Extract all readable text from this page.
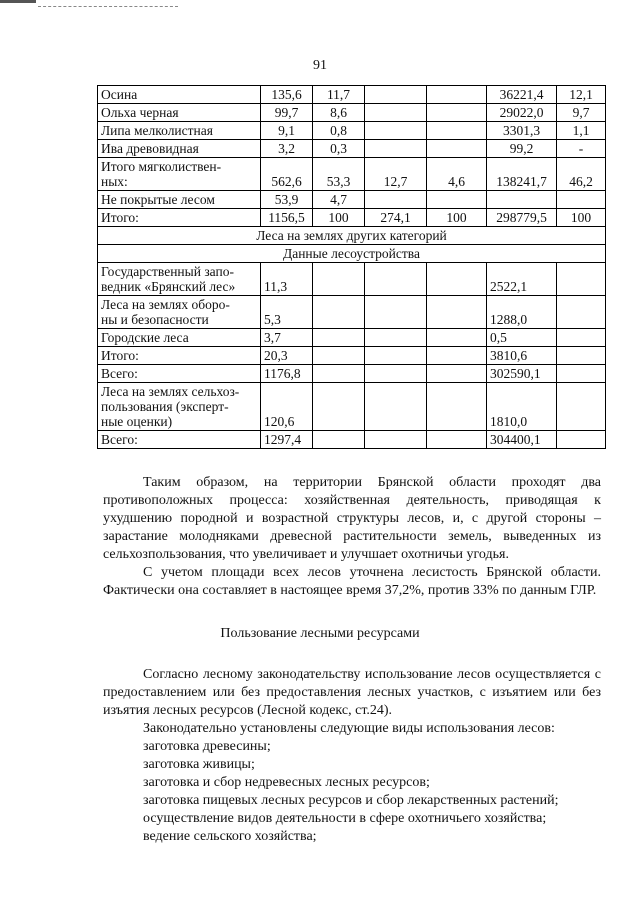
91
Осина	135,6	11,7			36221,4	12,1
Ольха черная	99,7	8,6			29022,0	9,7
Липа мелколистная	9,1	0,8			3301,3	1,1
Ива древовидная	3,2	0,3			99,2	-
Итого мягколиствен-
ных:	562,6	53,3	12,7	4,6	138241,7	46,2
Не покрытые лесом	53,9	4,7				
Итого:	1156,5	100	274,1	100	298779,5	100
Леса на землях других категорий						
Данные лесоустройства						
Государственный запо-
ведник «Брянский лес»	11,3				2522,1	
Леса на землях оборо-
ны и безопасности	5,3				1288,0	
Городские леса	3,7				0,5	
Итого:	20,3				3810,6	
Всего:	1176,8				302590,1	
Леса на землях сельхоз-
пользования (эксперт-
ные оценки)	120,6				1810,0	
Всего:	1297,4				304400,1	

Таким образом, на территории Брянской области проходят два противоположных процесса: хозяйственная деятельность, приводящая к ухудшению породной и возрастной структуры лесов, и, с другой стороны – зарастание молодняками древесной растительности земель, выведенных из сельхозпользования, что увеличивает и улучшает охотничьи угодья.

С учетом площади всех лесов уточнена лесистость Брянской области. Фактически она составляет в настоящее время 37,2%, против 33% по данным ГЛР.

Пользование лесными ресурсами

Согласно лесному законодательству использование лесов осуществляется с предоставлением или без предоставления лесных участков, с изъятием или без изъятия лесных ресурсов (Лесной кодекс, ст.24).

Законодательно установлены следующие виды использования лесов:

заготовка древесины;

заготовка живицы;

заготовка и сбор недревесных лесных ресурсов;

заготовка пищевых лесных ресурсов и сбор лекарственных растений;

осуществление видов деятельности в сфере охотничьего хозяйства;

ведение сельского хозяйства;
